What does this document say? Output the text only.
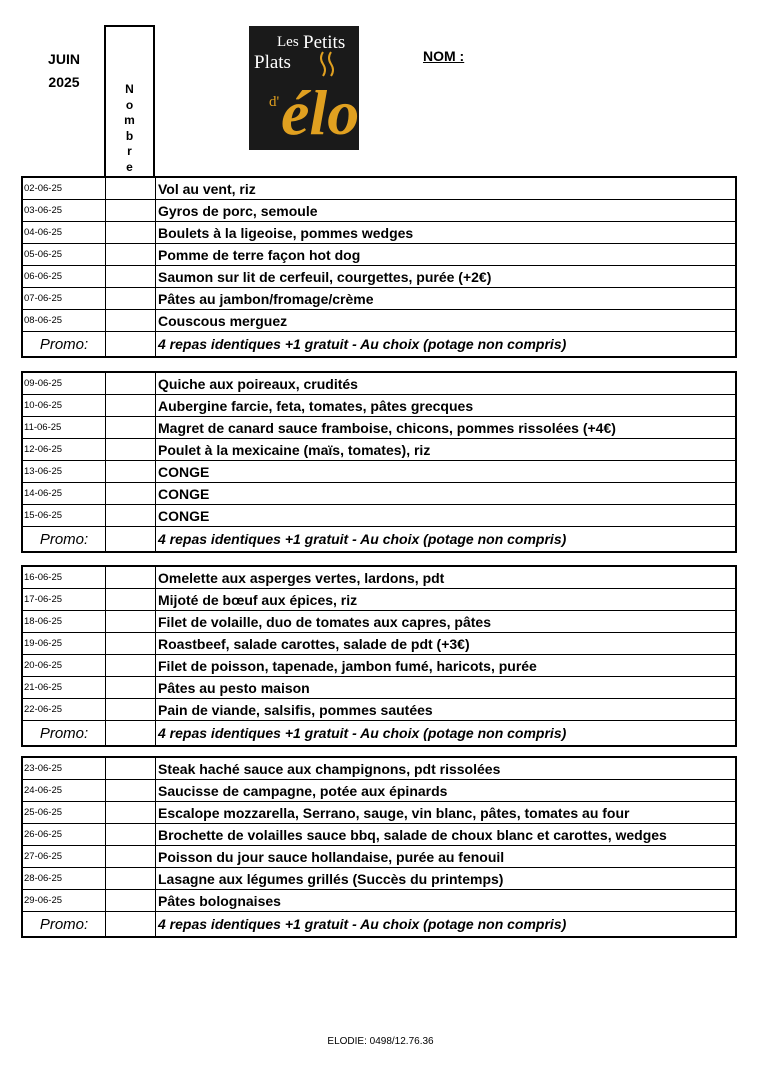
JUIN
2025	N
o
m
b
r
e
Les Petits
Plats
d' élo
NOM :
02-06-25		Vol au vent, riz
03-06-25		Gyros de porc, semoule
04-06-25		Boulets à la ligeoise, pommes wedges
05-06-25		Pomme de terre façon hot dog
06-06-25		Saumon sur lit de cerfeuil, courgettes, purée (+2€)
07-06-25		Pâtes au jambon/fromage/crème
08-06-25		Couscous merguez
Promo:		4 repas identiques +1 gratuit - Au choix (potage non compris)
09-06-25		Quiche aux poireaux, crudités
10-06-25		Aubergine farcie, feta, tomates, pâtes grecques
11-06-25		Magret de canard sauce framboise, chicons, pommes rissolées (+4€)
12-06-25		Poulet à la mexicaine (maïs, tomates), riz
13-06-25		CONGE
14-06-25		CONGE
15-06-25		CONGE
Promo:		4 repas identiques +1 gratuit - Au choix (potage non compris)
16-06-25		Omelette aux asperges vertes, lardons, pdt
17-06-25		Mijoté de bœuf aux épices, riz
18-06-25		Filet de volaille, duo de tomates aux capres, pâtes
19-06-25		Roastbeef, salade carottes, salade de pdt (+3€)
20-06-25		Filet de poisson, tapenade, jambon fumé, haricots, purée
21-06-25		Pâtes au pesto maison
22-06-25		Pain de viande, salsifis, pommes sautées
Promo:		4 repas identiques +1 gratuit - Au choix (potage non compris)
23-06-25		Steak haché sauce aux champignons, pdt rissolées
24-06-25		Saucisse de campagne, potée aux épinards
25-06-25		Escalope mozzarella, Serrano, sauge, vin blanc, pâtes, tomates au four
26-06-25		Brochette de volailles sauce bbq, salade de choux blanc et carottes, wedges
27-06-25		Poisson du jour sauce hollandaise, purée au fenouil
28-06-25		Lasagne aux légumes grillés (Succès du printemps)
29-06-25		Pâtes bolognaises
Promo:		4 repas identiques +1 gratuit - Au choix (potage non compris)
ELODIE: 0498/12.76.36
